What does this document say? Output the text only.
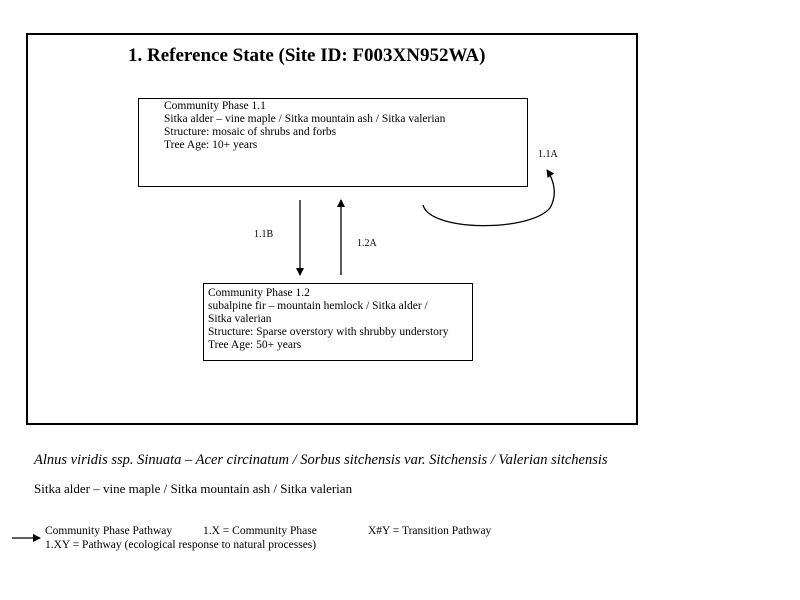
1. Reference State (Site ID: F003XN952WA)
Community Phase 1.1
Sitka alder – vine maple / Sitka mountain ash / Sitka valerian
Structure: mosaic of shrubs and forbs
Tree Age: 10+ years
Community Phase 1.2
subalpine fir – mountain hemlock / Sitka alder /
Sitka valerian
Structure: Sparse overstory with shrubby understory
Tree Age: 50+ years
1.1B
1.2A
1.1A
Alnus viridis ssp. Sinuata – Acer circinatum / Sorbus sitchensis var. Sitchensis / Valerian sitchensis
Sitka alder – vine maple / Sitka mountain ash / Sitka valerian
Community Phase Pathway	1.X = Community Phase	X#Y = Transition Pathway
1.XY = Pathway (ecological response to natural processes)
